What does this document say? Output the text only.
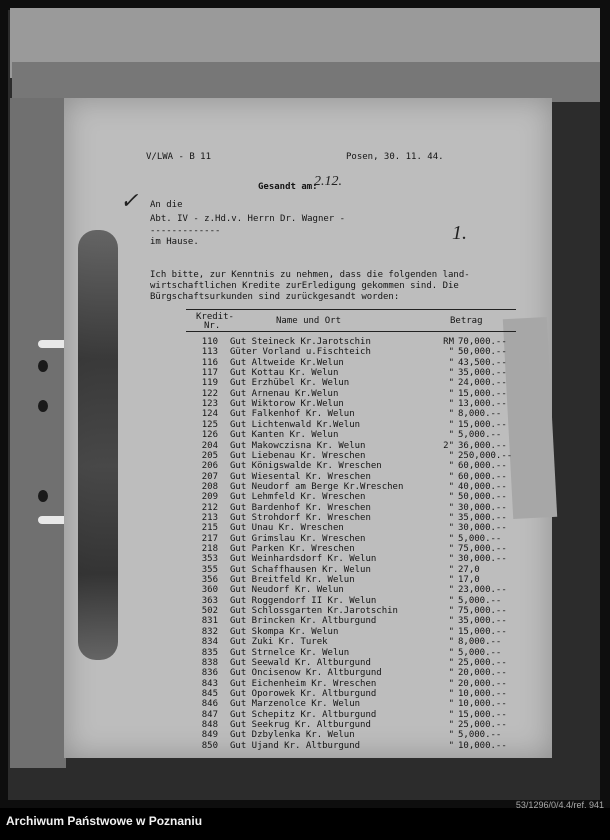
V/LWA - B 11	Posen, 30. 11. 44.
Gesandt am:
2.12.
✓
1.
An die
Abt. IV - z.Hd.v. Herrn Dr. Wagner -
-------------
im Hause.
Ich bitte, zur Kenntnis zu nehmen, dass die folgenden land-
wirtschaftlichen Kredite zurErledigung gekommen sind. Die
Bürgschaftsurkunden sind zurückgesandt worden:
Kredit-
Nr.	Name und Ort	Betrag
110 Gut Steineck Kr.Jarotschin	RM 70,000.--
113 Güter Vorland u.Fischteich	" 50,000.--
116 Gut Altweide Kr.Welun	" 43,500.--
117 Gut Kottau Kr. Welun	" 35,000.--
119 Gut Erzhübel Kr. Welun	" 24,000.--
122 Gut Arnenau Kr.Welun	" 15,000.--
123 Gut Wiktorow Kr.Welun	" 13,000.--
124 Gut Falkenhof Kr. Welun	" 8,000.--
125 Gut Lichtenwald Kr.Welun	" 15,000.--
126 Gut Kanten Kr. Welun	" 5,000.--
204 Gut Makowczisna Kr. Welun	2" 36,000.--
205 Gut Liebenau Kr. Wreschen	" 250,000.--
206 Gut Königswalde Kr. Wreschen	" 60,000.--
207 Gut Wiesental Kr. Wreschen	" 60,000.--
208 Gut Neudorf am Berge Kr.Wreschen	" 40,000.--
209 Gut Lehmfeld Kr. Wreschen	" 50,000.--
212 Gut Bardenhof Kr. Wreschen	" 30,000.--
213 Gut Strohdorf Kr. Wreschen	" 35,000.--
215 Gut Unau Kr. Wreschen	" 30,000.--
217 Gut Grimslau Kr. Wreschen	" 5,000.--
218 Gut Parken Kr. Wreschen	" 75,000.--
353 Gut Weinhardsdorf Kr. Welun	" 30,000.--
355 Gut Schaffhausen Kr. Welun	" 27,0
356 Gut Breitfeld Kr. Welun	" 17,0
360 Gut Neudorf Kr. Welun	" 23,000.--
363 Gut Roggendorf II Kr. Welun	" 5,000.--
502 Gut Schlossgarten Kr.Jarotschin	" 75,000.--
831 Gut Brincken Kr. Altburgund	" 35,000.--
832 Gut Skompa Kr. Welun	" 15,000.--
834 Gut Zuki Kr. Turek	" 8,000.--
835 Gut Strnelce Kr. Welun	" 5,000.--
838 Gut Seewald Kr. Altburgund	" 25,000.--
836 Gut Oncisenow Kr. Altburgund	" 20,000.--
843 Gut Eichenheim Kr. Wreschen	" 20,000.--
845 Gut Oporowek Kr. Altburgund	" 10,000.--
846 Gut Marzenolce Kr. Welun	" 10,000.--
847 Gut Schepitz Kr. Altburgund	" 15,000.--
848 Gut Seekrug Kr. Altburgund	" 25,000.--
849 Gut Dzbylenka Kr. Welun	" 5,000.--
850 Gut Ujand Kr. Altburgund	" 10,000.--
Archiwum Państwowe w Poznaniu
53/1296/0/4.4/ref. 941
